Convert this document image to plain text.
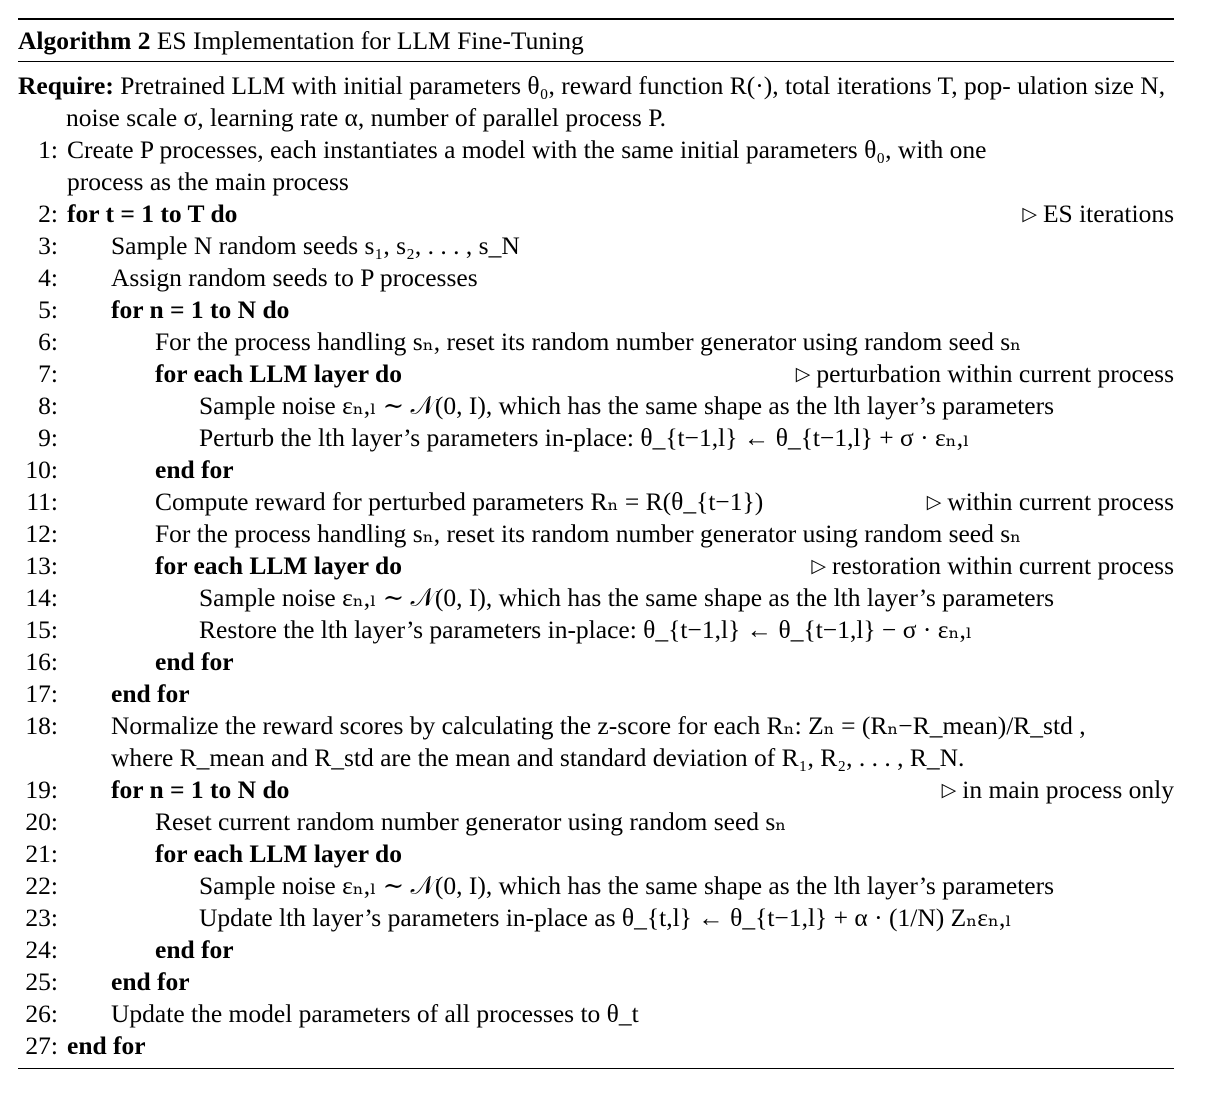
Algorithm 2 ES Implementation for LLM Fine-Tuning
Require: Pretrained LLM with initial parameters θ₀, reward function R(·), total iterations T, pop- ulation size N, noise scale σ, learning rate α, number of parallel process P.
1: Create P processes, each instantiates a model with the same initial parameters θ₀, with one
process as the main process
2: for t = 1 to T do	▷ ES iterations
3: Sample N random seeds s₁, s₂, . . . , s_N
4: Assign random seeds to P processes
5: for n = 1 to N do
6:	For the process handling sₙ, reset its random number generator using random seed sₙ
7:	for each LLM layer do	▷ perturbation within current process
8:	Sample noise εₙ,ₗ ∼ 𝒩(0, I), which has the same shape as the lth layer’s parameters
9:	Perturb the lth layer’s parameters in-place: θ_{t−1,l} ← θ_{t−1,l} + σ · εₙ,ₗ
10:	end for
11:	Compute reward for perturbed parameters Rₙ = R(θ_{t−1})	▷ within current process
12:	For the process handling sₙ, reset its random number generator using random seed sₙ
13:	for each LLM layer do	▷ restoration within current process
14:	Sample noise εₙ,ₗ ∼ 𝒩(0, I), which has the same shape as the lth layer’s parameters
15:	Restore the lth layer’s parameters in-place: θ_{t−1,l} ← θ_{t−1,l} − σ · εₙ,ₗ
16:	end for
17: end for
18: Normalize the reward scores by calculating the z-score for each Rₙ: Zₙ = (Rₙ−R_mean)/R_std ,
where R_mean and R_std are the mean and standard deviation of R₁, R₂, . . . , R_N.
19: for n = 1 to N do	▷ in main process only
20:	Reset current random number generator using random seed sₙ
21:	for each LLM layer do
22:	Sample noise εₙ,ₗ ∼ 𝒩(0, I), which has the same shape as the lth layer’s parameters
23:	Update lth layer’s parameters in-place as θ_{t,l} ← θ_{t−1,l} + α · (1/N) Zₙεₙ,ₗ
24:	end for
25: end for
26: Update the model parameters of all processes to θ_t
27: end for
